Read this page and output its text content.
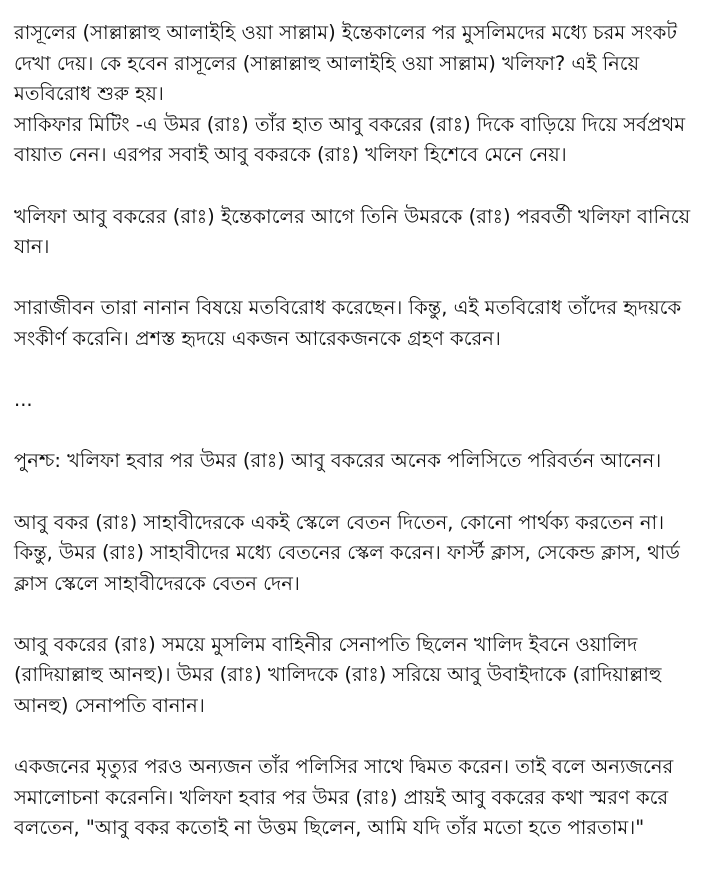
রাসূলের (সাল্লাল্লাহু আলাইহি ওয়া সাল্লাম) ইন্তেকালের পর মুসলিমদের মধ্যে চরম সংকট দেখা দেয়। কে হবেন রাসূলের (সাল্লাল্লাহু আলাইহি ওয়া সাল্লাম) খলিফা? এই নিয়ে মতবিরোধ শুরু হয়।
সাকিফার মিটিং -এ উমর (রাঃ) তাঁর হাত আবু বকরের (রাঃ) দিকে বাড়িয়ে দিয়ে সর্বপ্রথম বায়াত নেন। এরপর সবাই আবু বকরকে (রাঃ) খলিফা হিশেবে মেনে নেয়।

খলিফা আবু বকরের (রাঃ) ইন্তেকালের আগে তিনি উমরকে (রাঃ) পরবর্তী খলিফা বানিয়ে যান।

সারাজীবন তারা নানান বিষয়ে মতবিরোধ করেছেন। কিন্তু, এই মতবিরোধ তাঁদের হৃদয়কে সংকীর্ণ করেনি। প্রশস্ত হৃদয়ে একজন আরেকজনকে গ্রহণ করেন।

...

পুনশ্চ: খলিফা হবার পর উমর (রাঃ) আবু বকরের অনেক পলিসিতে পরিবর্তন আনেন।

আবু বকর (রাঃ) সাহাবীদেরকে একই স্কেলে বেতন দিতেন, কোনো পার্থক্য করতেন না। কিন্তু, উমর (রাঃ) সাহাবীদের মধ্যে বেতনের স্কেল করেন। ফার্স্ট ক্লাস, সেকেন্ড ক্লাস, থার্ড ক্লাস স্কেলে সাহাবীদেরকে বেতন দেন।

আবু বকরের (রাঃ) সময়ে মুসলিম বাহিনীর সেনাপতি ছিলেন খালিদ ইবনে ওয়ালিদ (রাদিয়াল্লাহু আনহু)। উমর (রাঃ) খালিদকে (রাঃ) সরিয়ে আবু উবাইদাকে (রাদিয়াল্লাহু আনহু) সেনাপতি বানান।

একজনের মৃত্যুর পরও অন্যজন তাঁর পলিসির সাথে দ্বিমত করেন। তাই বলে অন্যজনের সমালোচনা করেননি। খলিফা হবার পর উমর (রাঃ) প্রায়ই আবু বকরের কথা স্মরণ করে বলতেন, "আবু বকর কতোই না উত্তম ছিলেন, আমি যদি তাঁর মতো হতে পারতাম।"
